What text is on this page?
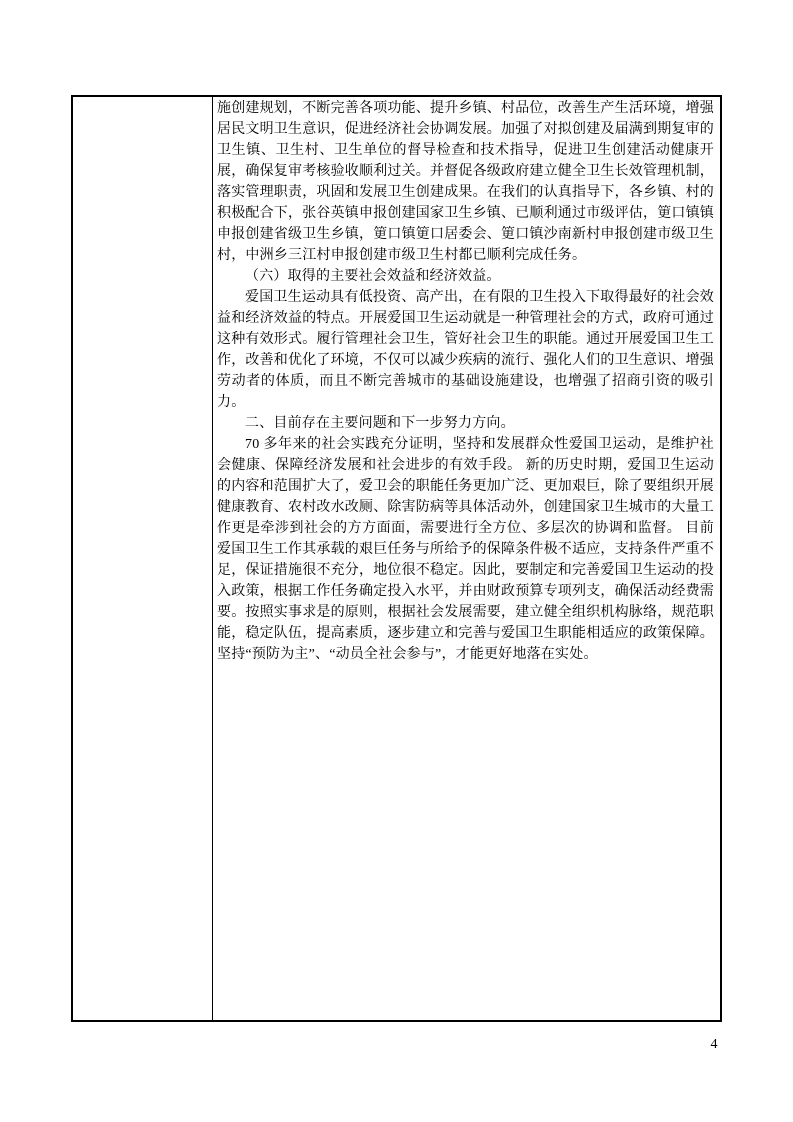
施创建规划，不断完善各项功能、提升乡镇、村品位，改善生产生活环境，增强居民文明卫生意识，促进经济社会协调发展。加强了对拟创建及届满到期复审的卫生镇、卫生村、卫生单位的督导检查和技术指导，促进卫生创建活动健康开展，确保复审考核验收顺利过关。并督促各级政府建立健全卫生长效管理机制，落实管理职责，巩固和发展卫生创建成果。在我们的认真指导下，各乡镇、村的积极配合下，张谷英镇申报创建国家卫生乡镇、已顺利通过市级评估，筻口镇镇申报创建省级卫生乡镇，筻口镇筻口居委会、筻口镇沙南新村申报创建市级卫生村，中洲乡三江村申报创建市级卫生村都已顺利完成任务。

（六）取得的主要社会效益和经济效益。

爱国卫生运动具有低投资、高产出，在有限的卫生投入下取得最好的社会效益和经济效益的特点。开展爱国卫生运动就是一种管理社会的方式，政府可通过这种有效形式。履行管理社会卫生，管好社会卫生的职能。通过开展爱国卫生工作，改善和优化了环境，不仅可以减少疾病的流行、强化人们的卫生意识、增强劳动者的体质，而且不断完善城市的基础设施建设，也增强了招商引资的吸引力。

二、目前存在主要问题和下一步努力方向。

70 多年来的社会实践充分证明，坚持和发展群众性爱国卫运动，是维护社会健康、保障经济发展和社会进步的有效手段。 新的历史时期，爱国卫生运动的内容和范围扩大了，爱卫会的职能任务更加广泛、更加艰巨，除了要组织开展健康教育、农村改水改厕、除害防病等具体活动外，创建国家卫生城市的大量工作更是牵涉到社会的方方面面，需要进行全方位、多层次的协调和监督。 目前爱国卫生工作其承载的艰巨任务与所给予的保障条件极不适应，支持条件严重不足，保证措施很不充分，地位很不稳定。因此，要制定和完善爱国卫生运动的投入政策，根据工作任务确定投入水平，并由财政预算专项列支，确保活动经费需要。按照实事求是的原则，根据社会发展需要，建立健全组织机构脉络，规范职能，稳定队伍，提高素质，逐步建立和完善与爱国卫生职能相适应的政策保障。坚持“预防为主”、“动员全社会参与”，才能更好地落在实处。

4
